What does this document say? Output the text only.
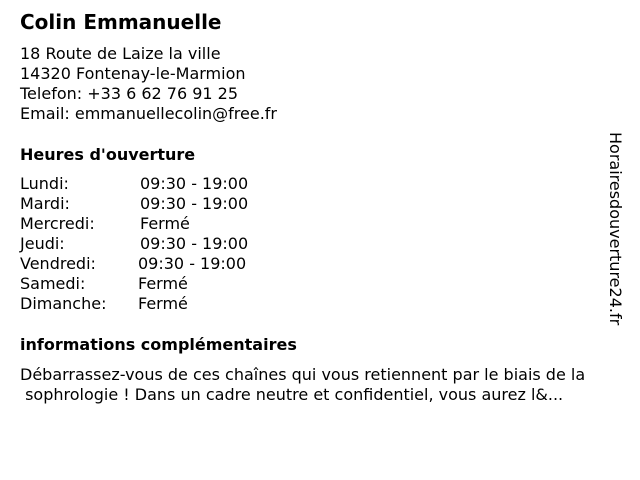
Colin Emmanuelle
18 Route de Laize la ville
14320 Fontenay-le-Marmion
Telefon: +33 6 62 76 91 25
Email: emmanuellecolin@free.fr
Heures d'ouverture
Lundi:	09:30 - 19:00
Mardi:	09:30 - 19:00
Mercredi:	Fermé
Jeudi:	09:30 - 19:00
Vendredi:	09:30 - 19:00
Samedi:	Fermé
Dimanche: Fermé
informations complémentaires
Débarrassez-vous de ces chaînes qui vous retiennent par le biais de la
sophrologie ! Dans un cadre neutre et confidentiel, vous aurez l&...
Horairesdouverture24.fr
